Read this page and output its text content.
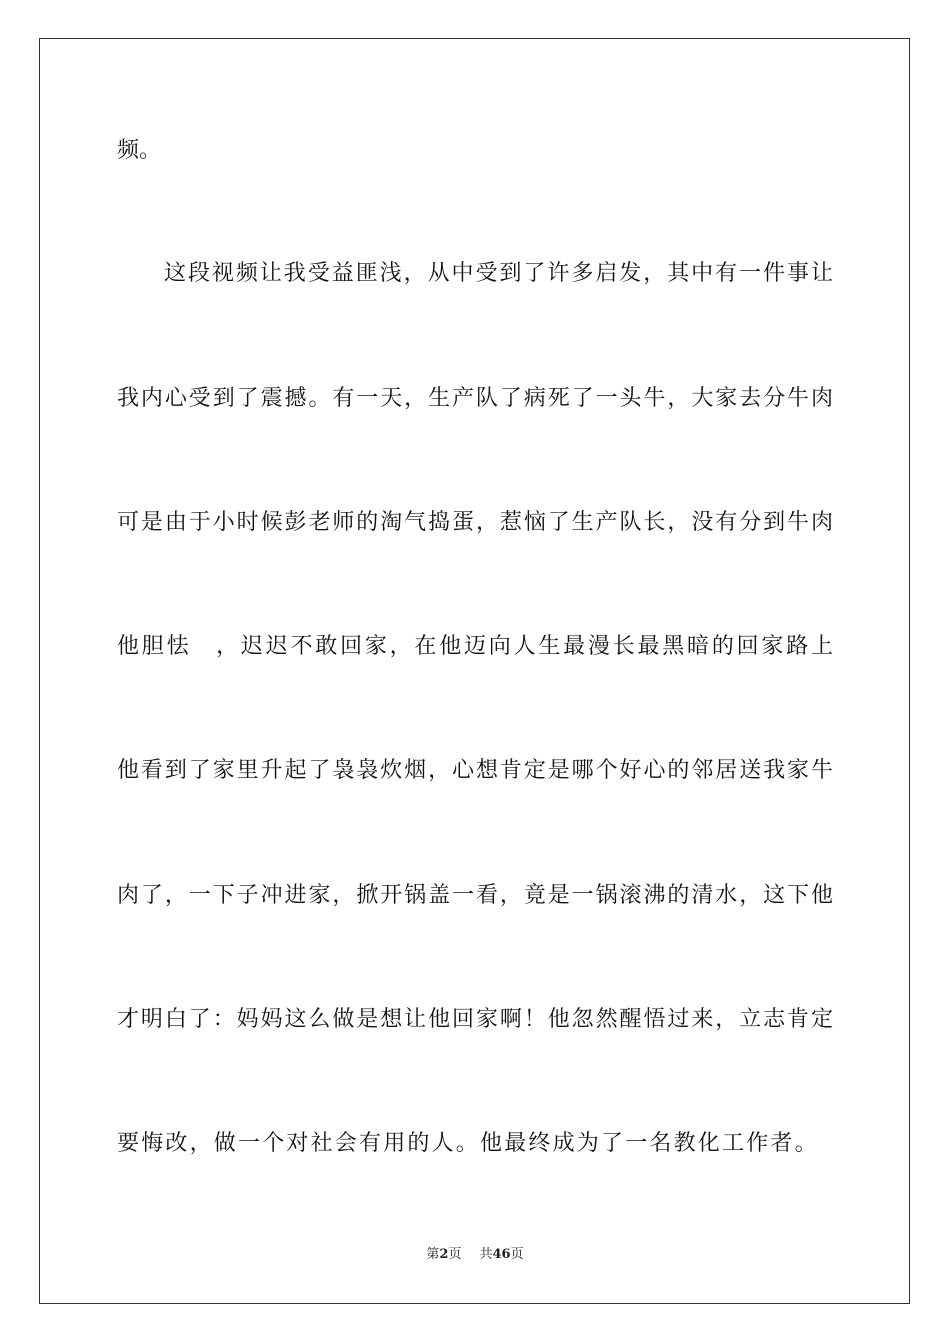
频。
这段视频让我受益匪浅，从中受到了许多启发，其中有一件事让
我内心受到了震撼。有一天，生产队了病死了一头牛，大家去分牛肉
可是由于小时候彭老师的淘气捣蛋，惹恼了生产队长，没有分到牛肉
他胆怯　，迟迟不敢回家，在他迈向人生最漫长最黑暗的回家路上
他看到了家里升起了袅袅炊烟，心想肯定是哪个好心的邻居送我家牛
肉了，一下子冲进家，掀开锅盖一看，竟是一锅滚沸的清水，这下他
才明白了：妈妈这么做是想让他回家啊！他忽然醒悟过来，立志肯定
要悔改，做一个对社会有用的人。他最终成为了一名教化工作者。
第2页 共46页
